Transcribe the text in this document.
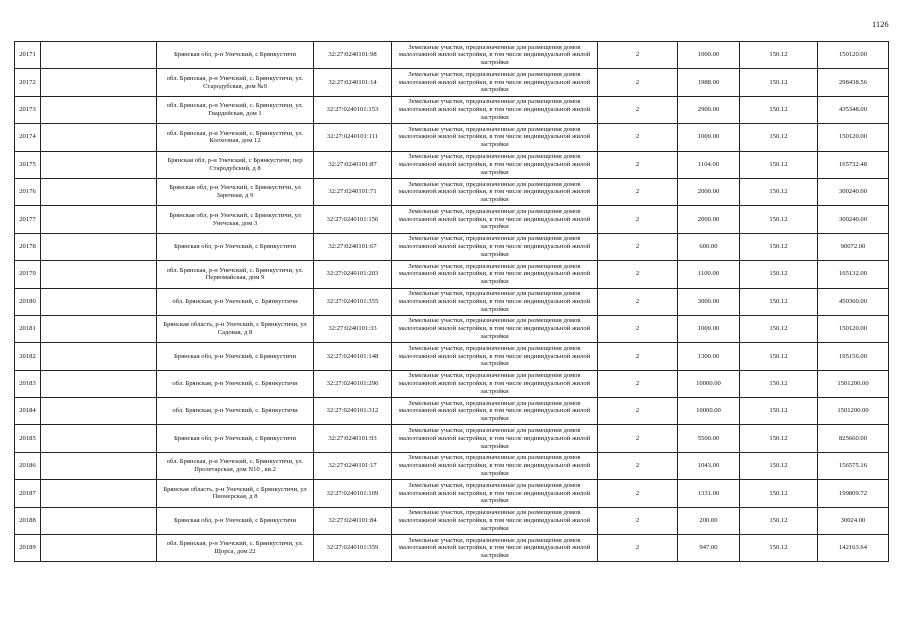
1126
20171		Брянская обл, р-н Унечский, с Брянкустичи	32:27:0240101:98	Земельные участки, предназначенные для размещения домов малоэтажной жилой застройки, в том числе индивидуальной жилой застройки	2	1000.00	150.12	150120.00
20172		обл. Брянская, р-н Унечский, с. Брянкустичи, ул. Стародубская, дом №9	32:27:0240101:14	Земельные участки, предназначенные для размещения домов малоэтажной жилой застройки, в том числе индивидуальной жилой застройки	2	1988.00	150.12	298438.56
20173		обл. Брянская, р-н Унечский, с. Брянкустичи, ул. Гвардейская, дом 1	32:27:0240101:153	Земельные участки, предназначенные для размещения домов малоэтажной жилой застройки, в том числе индивидуальной жилой застройки	2	2900.00	150.12	435348.00
20174		обл. Брянская, р-н Унечский, с. Брянкустичи, ул. Колхозная, дом 12	32:27:0240101:111	Земельные участки, предназначенные для размещения домов малоэтажной жилой застройки, в том числе индивидуальной жилой застройки	2	1000.00	150.12	150120.00
20175		Брянская обл, р-н Унечский, с Брянкустичи, пер Стародубский, д 8	32:27:0240101:87	Земельные участки, предназначенные для размещения домов малоэтажной жилой застройки, в том числе индивидуальной жилой застройки	2	1104.00	150.12	165732.48
20176		Брянская обл, р-н Унечский, с Брянкустичи, ул Заречная, д 9	32:27:0240101:71	Земельные участки, предназначенные для размещения домов малоэтажной жилой застройки, в том числе индивидуальной жилой застройки	2	2000.00	150.12	300240.00
20177		Брянская обл, р-н Унечский, с Брянкустичи, ул Унечская, дом 3	32:27:0240101:156	Земельные участки, предназначенные для размещения домов малоэтажной жилой застройки, в том числе индивидуальной жилой застройки	2	2000.00	150.12	300240.00
20178		Брянская обл, р-н Унечский, с Брянкустичи	32:27:0240101:67	Земельные участки, предназначенные для размещения домов малоэтажной жилой застройки, в том числе индивидуальной жилой застройки	2	600.00	150.12	90072.00
20179		обл. Брянская, р-н Унечский, с. Брянкустичи, ул. Первомайская, дом 9	32:27:0240101:203	Земельные участки, предназначенные для размещения домов малоэтажной жилой застройки, в том числе индивидуальной жилой застройки	2	1100.00	150.12	165132.00
20180		обл. Брянская, р-н Унечский, с. Брянкустичи	32:27:0240101:355	Земельные участки, предназначенные для размещения домов малоэтажной жилой застройки, в том числе индивидуальной жилой застройки	2	3000.00	150.12	450360.00
20181		Брянская область, р-н Унечский, с Брянкустичи, ул Садовая, д 8	32:27:0240101:33	Земельные участки, предназначенные для размещения домов малоэтажной жилой застройки, в том числе индивидуальной жилой застройки	2	1000.00	150.12	150120.00
20182		Брянская обл, р-н Унечский, с Брянкустичи	32:27:0240101:148	Земельные участки, предназначенные для размещения домов малоэтажной жилой застройки, в том числе индивидуальной жилой застройки	2	1300.00	150.12	195156.00
20183		обл. Брянская, р-н Унечский, с. Брянкустичи	32:27:0240101:296	Земельные участки, предназначенные для размещения домов малоэтажной жилой застройки, в том числе индивидуальной жилой застройки	2	10000.00	150.12	1501200.00
20184		обл. Брянская, р-н Унечский, с. Брянкустичи	32:27:0240101:312	Земельные участки, предназначенные для размещения домов малоэтажной жилой застройки, в том числе индивидуальной жилой застройки	2	10000.00	150.12	1501200.00
20185		Брянская обл, р-н Унечский, с Брянкустичи	32:27:0240101:93	Земельные участки, предназначенные для размещения домов малоэтажной жилой застройки, в том числе индивидуальной жилой застройки	2	5500.00	150.12	825660.00
20186		обл. Брянская, р-н Унечский, с. Брянкустичи, ул. Пролетарская, дом N10 , кв.2	32:27:0240101:17	Земельные участки, предназначенные для размещения домов малоэтажной жилой застройки, в том числе индивидуальной жилой застройки	2	1043.00	150.12	156575.16
20187		Брянская область, р-н Унечский, с Брянкустичи, ул Пионерская, д 8	32:27:0240101:109	Земельные участки, предназначенные для размещения домов малоэтажной жилой застройки, в том числе индивидуальной жилой застройки	2	1331.00	150.12	199809.72
20188		Брянская обл, р-н Унечский, с Брянкустичи	32:27:0240101:84	Земельные участки, предназначенные для размещения домов малоэтажной жилой застройки, в том числе индивидуальной жилой застройки	2	200.00	150.12	30024.00
20189		обл. Брянская, р-н Унечский, с. Брянкустичи, ул. Щорса, дом 22	32:27:0240101:359	Земельные участки, предназначенные для размещения домов малоэтажной жилой застройки, в том числе индивидуальной жилой застройки	2	947.00	150.12	142163.64
